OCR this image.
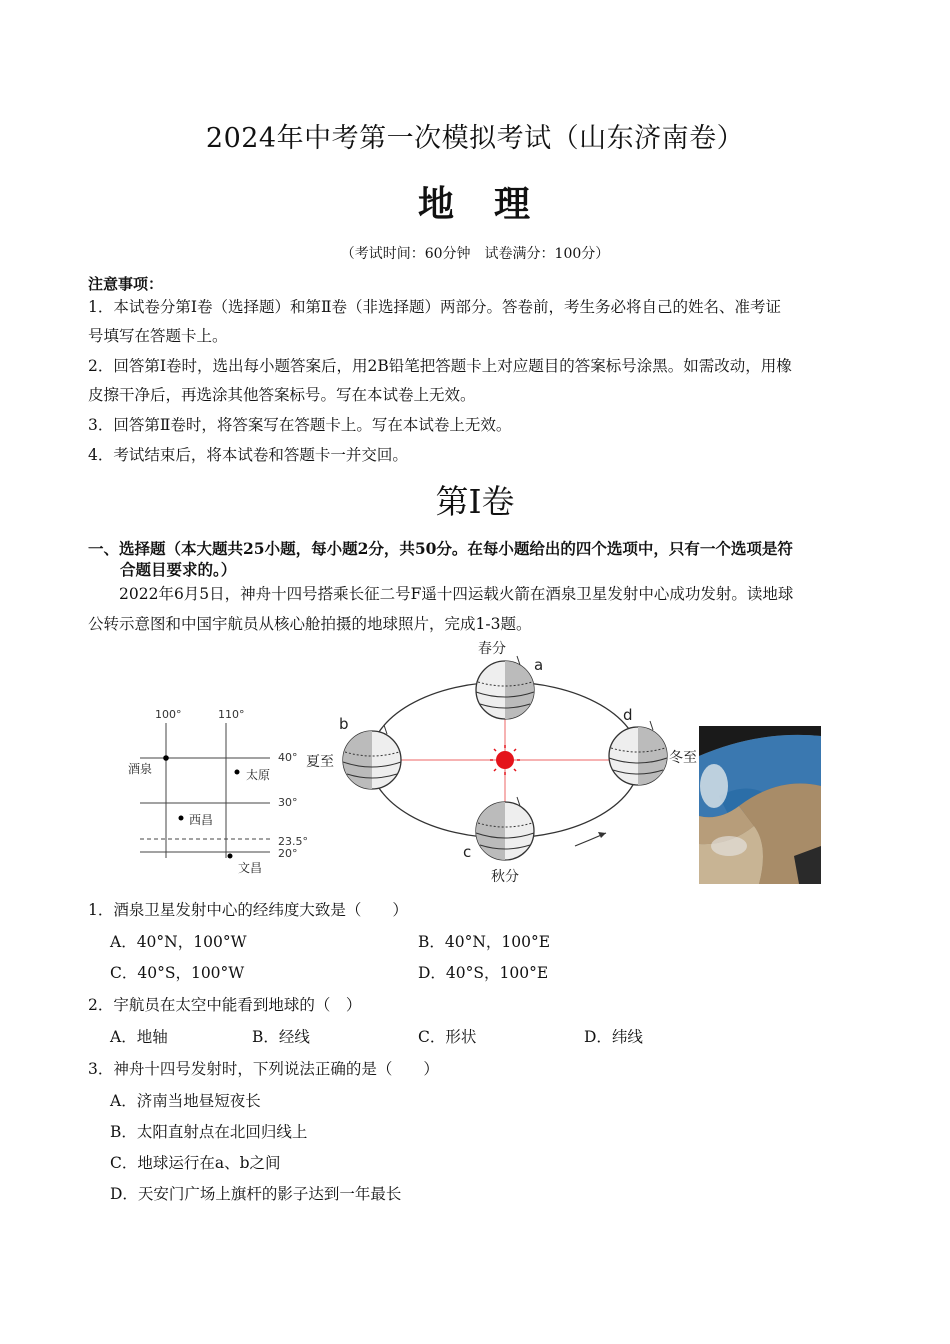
2024年中考第一次模拟考试（山东济南卷）
地　理
（考试时间：60分钟　试卷满分：100分）
注意事项：
1．本试卷分第Ⅰ卷（选择题）和第Ⅱ卷（非选择题）两部分。答卷前，考生务必将自己的姓名、准考证
号填写在答题卡上。
2．回答第Ⅰ卷时，选出每小题答案后，用2B铅笔把答题卡上对应题目的答案标号涂黑。如需改动，用橡
皮擦干净后，再选涂其他答案标号。写在本试卷上无效。
3．回答第Ⅱ卷时，将答案写在答题卡上。写在本试卷上无效。
4．考试结束后，将本试卷和答题卡一并交回。
第Ⅰ卷
一、选择题（本大题共25小题，每小题2分，共50分。在每小题给出的四个选项中，只有一个选项是符
合题目要求的。）
2022年6月5日，神舟十四号搭乘长征二号F遥十四运载火箭在酒泉卫星发射中心成功发射。读地球
公转示意图和中国宇航员从核心舱拍摄的地球照片，完成1-3题。
100°	110°
40°
30°
23.5°
20°
酒泉	太原
西昌
文昌
春分
夏至
秋分
冬至
a
b
c
d
1．酒泉卫星发射中心的经纬度大致是（　　）
A．40°N，100°W	B．40°N，100°E
C．40°S，100°W	D．40°S，100°E
2．宇航员在太空中能看到地球的（　）
A．地轴	B．经线	C．形状	D．纬线
3．神舟十四号发射时，下列说法正确的是（　　）
A．济南当地昼短夜长
B．太阳直射点在北回归线上
C．地球运行在a、b之间
D．天安门广场上旗杆的影子达到一年最长
